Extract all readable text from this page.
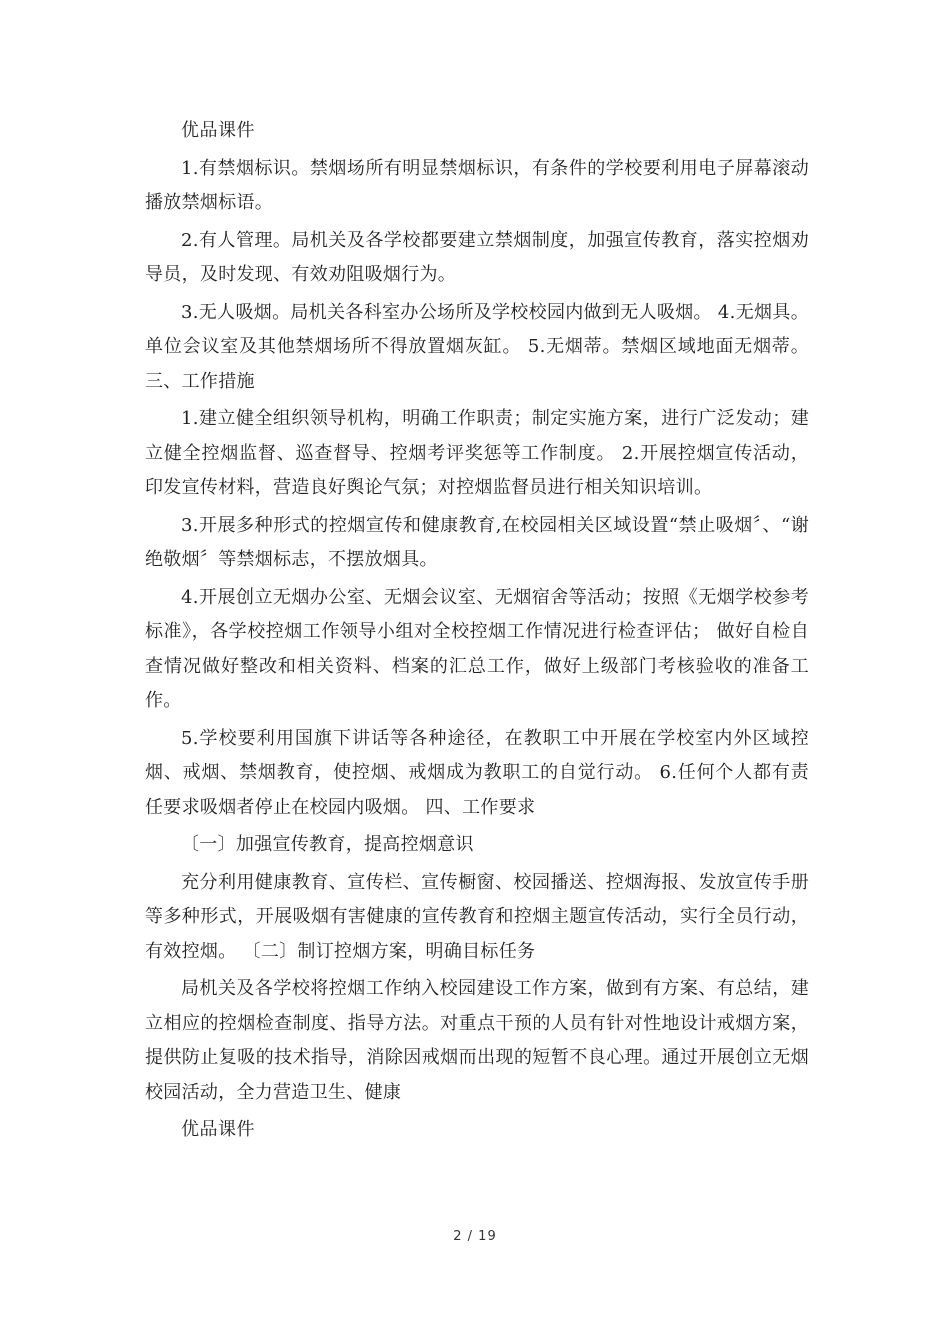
优品课件

1.有禁烟标识。禁烟场所有明显禁烟标识，有条件的学校要利用电子屏幕滚动播放禁烟标语。

2.有人管理。局机关及各学校都要建立禁烟制度，加强宣传教育，落实控烟劝导员，及时发现、有效劝阻吸烟行为。

3.无人吸烟。局机关各科室办公场所及学校校园内做到无人吸烟。 4.无烟具。单位会议室及其他禁烟场所不得放置烟灰缸。 5.无烟蒂。禁烟区域地面无烟蒂。 三、工作措施

1.建立健全组织领导机构，明确工作职责；制定实施方案，进行广泛发动；建立健全控烟监督、巡查督导、控烟考评奖惩等工作制度。 2.开展控烟宣传活动，印发宣传材料，营造良好舆论气氛；对控烟监督员进行相关知识培训。

3.开展多种形式的控烟宣传和健康教育,在校园相关区域设置“禁止吸烟〞、“谢绝敬烟〞等禁烟标志，不摆放烟具。

4.开展创立无烟办公室、无烟会议室、无烟宿舍等活动；按照《无烟学校参考标准》，各学校控烟工作领导小组对全校控烟工作情况进行检查评估； 做好自检自查情况做好整改和相关资料、档案的汇总工作，做好上级部门考核验收的准备工作。

5.学校要利用国旗下讲话等各种途径，在教职工中开展在学校室内外区域控烟、戒烟、禁烟教育，使控烟、戒烟成为教职工的自觉行动。 6.任何个人都有责任要求吸烟者停止在校园内吸烟。 四、工作要求

〔一〕加强宣传教育，提高控烟意识

充分利用健康教育、宣传栏、宣传橱窗、校园播送、控烟海报、发放宣传手册等多种形式，开展吸烟有害健康的宣传教育和控烟主题宣传活动，实行全员行动，有效控烟。 〔二〕制订控烟方案，明确目标任务

局机关及各学校将控烟工作纳入校园建设工作方案，做到有方案、有总结，建立相应的控烟检查制度、指导方法。对重点干预的人员有针对性地设计戒烟方案，提供防止复吸的技术指导，消除因戒烟而出现的短暂不良心理。通过开展创立无烟校园活动，全力营造卫生、健康

优品课件

2 / 19
